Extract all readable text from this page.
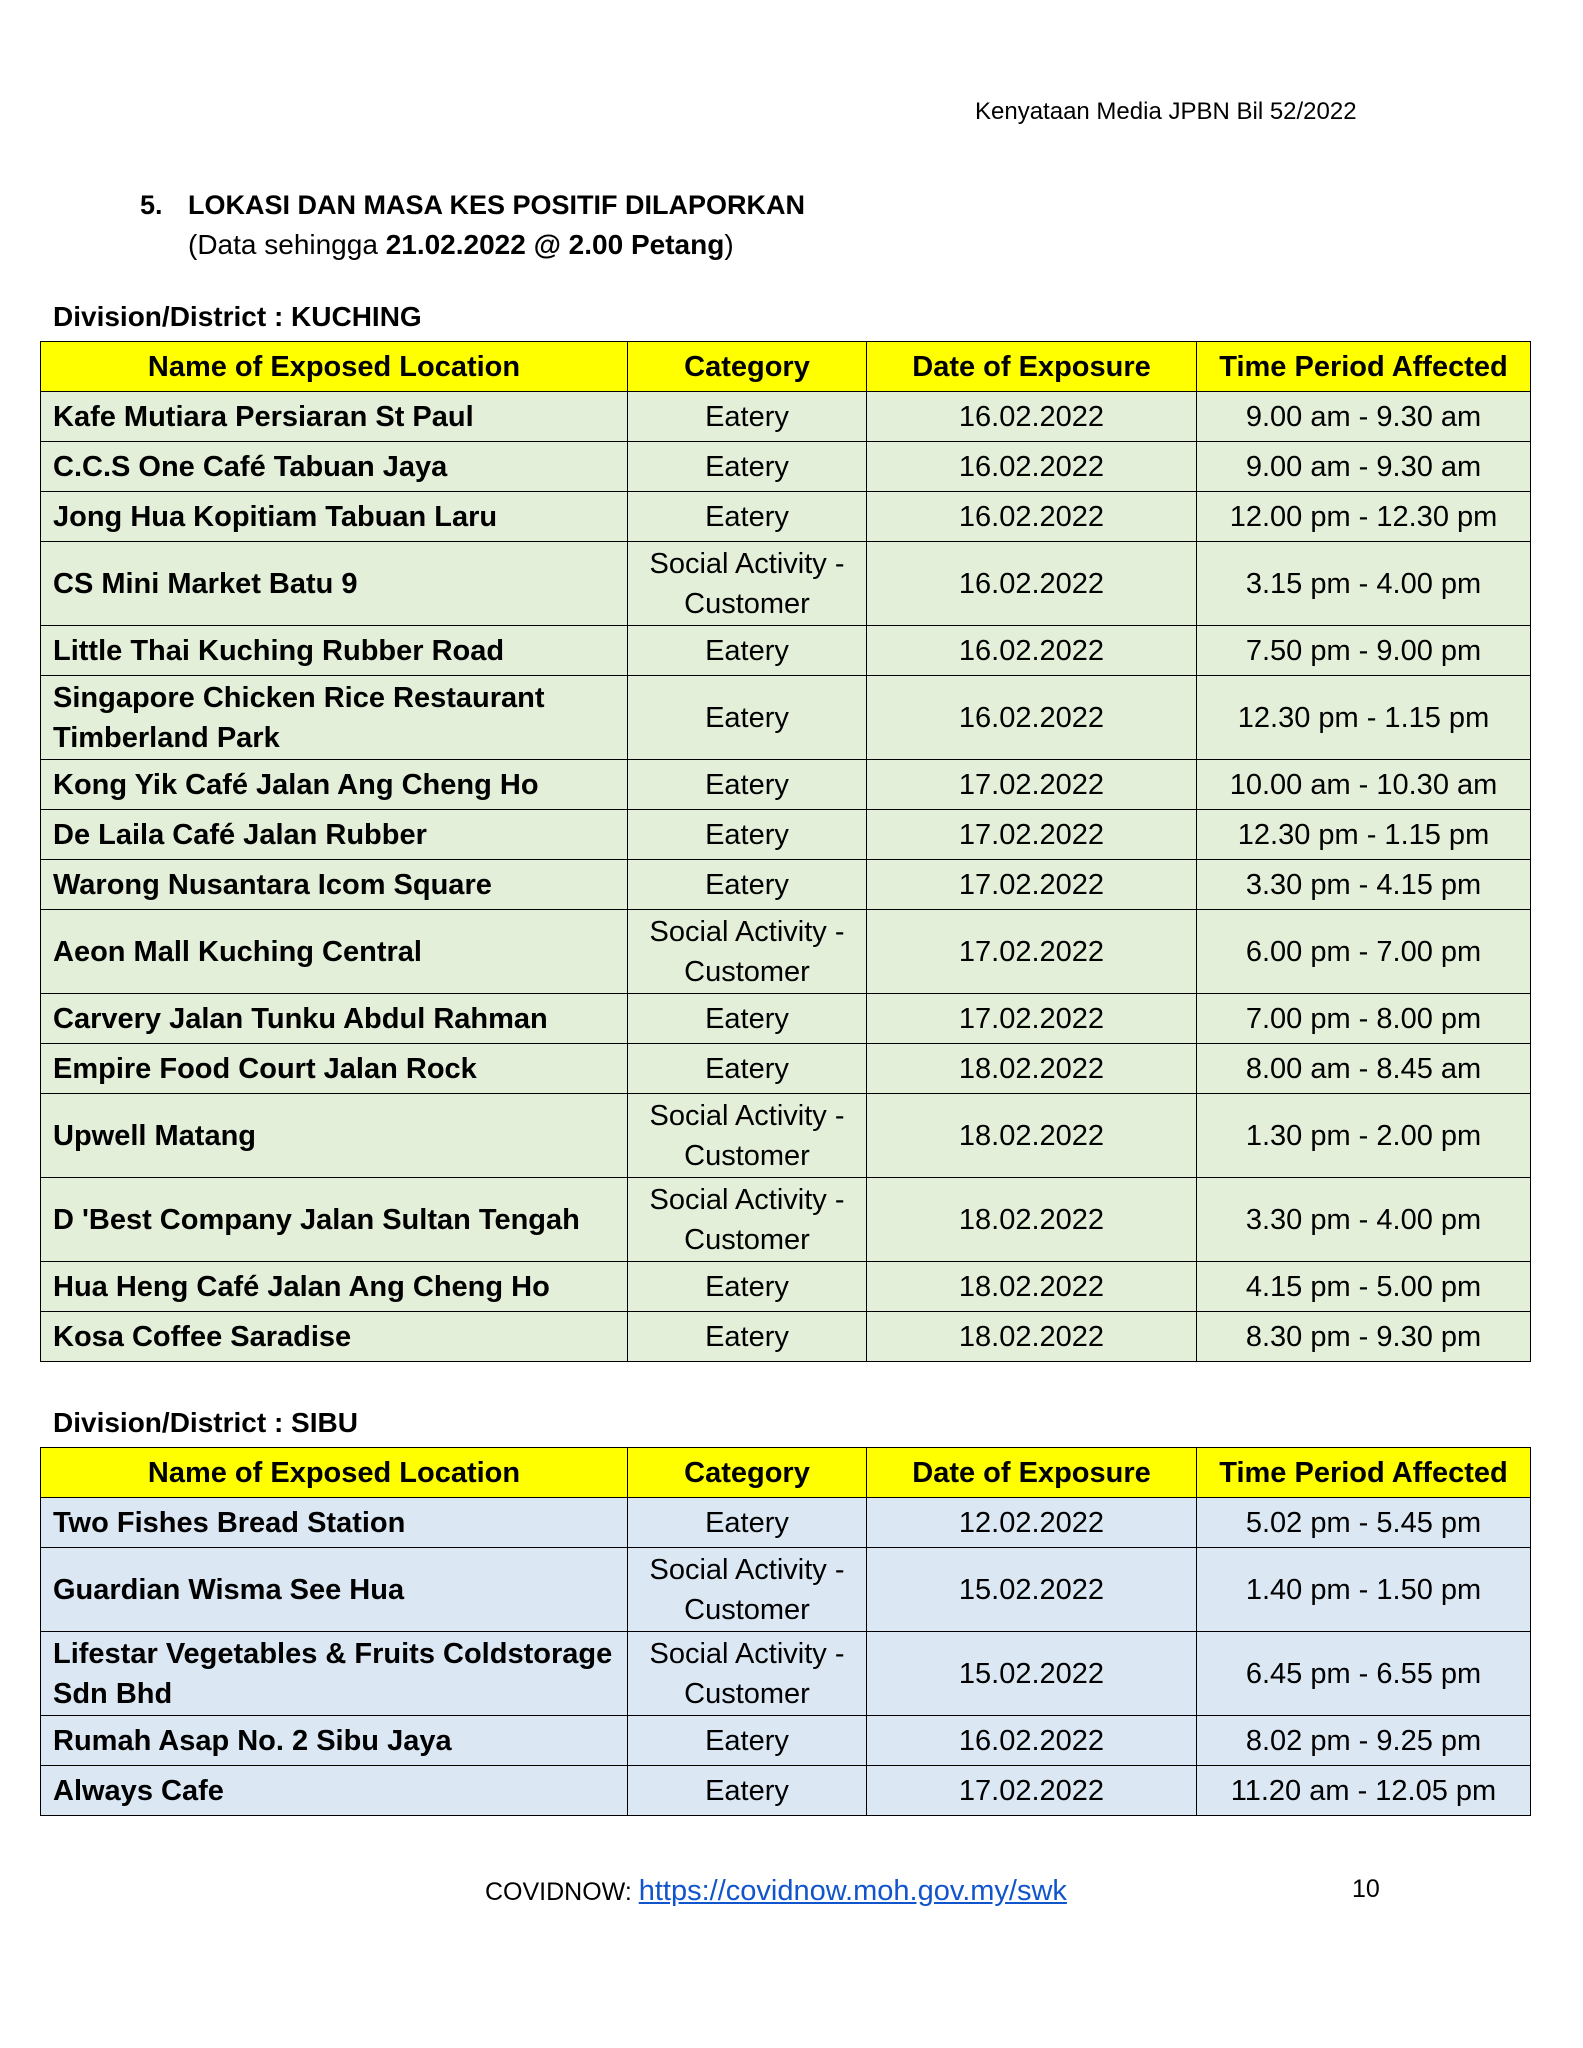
Kenyataan Media JPBN Bil 52/2022
5. LOKASI DAN MASA KES POSITIF DILAPORKAN
(Data sehingga 21.02.2022 @ 2.00 Petang)
Division/District : KUCHING
Name of Exposed Location	Category	Date of Exposure	Time Period Affected
Kafe Mutiara Persiaran St Paul	Eatery	16.02.2022	9.00 am - 9.30 am
C.C.S One Café Tabuan Jaya	Eatery	16.02.2022	9.00 am - 9.30 am
Jong Hua Kopitiam Tabuan Laru	Eatery	16.02.2022	12.00 pm - 12.30 pm
CS Mini Market Batu 9	Social Activity - Customer	16.02.2022	3.15 pm - 4.00 pm
Little Thai Kuching Rubber Road	Eatery	16.02.2022	7.50 pm - 9.00 pm
Singapore Chicken Rice Restaurant Timberland Park	Eatery	16.02.2022	12.30 pm - 1.15 pm
Kong Yik Café Jalan Ang Cheng Ho	Eatery	17.02.2022	10.00 am - 10.30 am
De Laila Café Jalan Rubber	Eatery	17.02.2022	12.30 pm - 1.15 pm
Warong Nusantara Icom Square	Eatery	17.02.2022	3.30 pm - 4.15 pm
Aeon Mall Kuching Central	Social Activity - Customer	17.02.2022	6.00 pm - 7.00 pm
Carvery Jalan Tunku Abdul Rahman	Eatery	17.02.2022	7.00 pm - 8.00 pm
Empire Food Court Jalan Rock	Eatery	18.02.2022	8.00 am - 8.45 am
Upwell Matang	Social Activity - Customer	18.02.2022	1.30 pm - 2.00 pm
D 'Best Company Jalan Sultan Tengah	Social Activity - Customer	18.02.2022	3.30 pm - 4.00 pm
Hua Heng Café Jalan Ang Cheng Ho	Eatery	18.02.2022	4.15 pm - 5.00 pm
Kosa Coffee Saradise	Eatery	18.02.2022	8.30 pm - 9.30 pm
Division/District : SIBU
Name of Exposed Location	Category	Date of Exposure	Time Period Affected
Two Fishes Bread Station	Eatery	12.02.2022	5.02 pm - 5.45 pm
Guardian Wisma See Hua	Social Activity - Customer	15.02.2022	1.40 pm - 1.50 pm
Lifestar Vegetables & Fruits Coldstorage Sdn Bhd	Social Activity - Customer	15.02.2022	6.45 pm - 6.55 pm
Rumah Asap No. 2 Sibu Jaya	Eatery	16.02.2022	8.02 pm - 9.25 pm
Always Cafe	Eatery	17.02.2022	11.20 am - 12.05 pm
COVIDNOW: https://covidnow.moh.gov.my/swk	10
